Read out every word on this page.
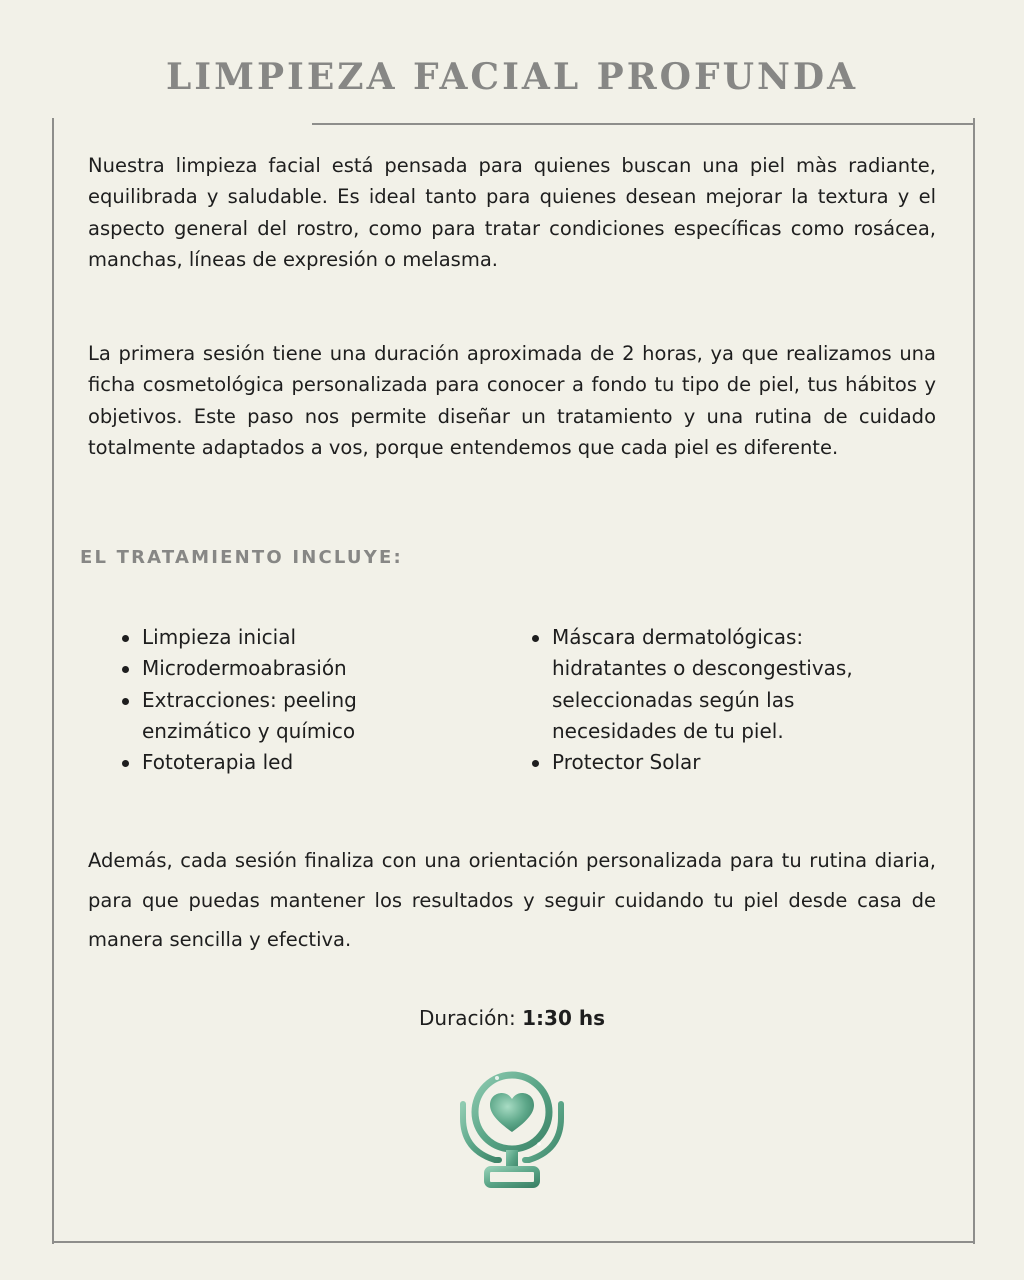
LIMPIEZA FACIAL PROFUNDA

Nuestra limpieza facial está pensada para quienes buscan una piel màs radiante, equilibrada y saludable. Es ideal tanto para quienes desean mejorar la textura y el aspecto general del rostro, como para tratar condiciones específicas como rosácea, manchas, líneas de expresión o melasma.

La primera sesión tiene una duración aproximada de 2 horas, ya que realizamos una ficha cosmetológica personalizada para conocer a fondo tu tipo de piel, tus hábitos y objetivos. Este paso nos permite diseñar un tratamiento y una rutina de cuidado totalmente adaptados a vos, porque entendemos que cada piel es diferente.

EL TRATAMIENTO INCLUYE:
Limpieza inicial
Microdermoabrasión
Extracciones: peeling enzimático y químico
Fototerapia led
Máscara dermatológicas: hidratantes o descongestivas, seleccionadas según las necesidades de tu piel.
Protector Solar

Además, cada sesión finaliza con una orientación personalizada para tu rutina diaria, para que puedas mantener los resultados y seguir cuidando tu piel desde casa de manera sencilla y efectiva.

Duración: 1:30 hs
